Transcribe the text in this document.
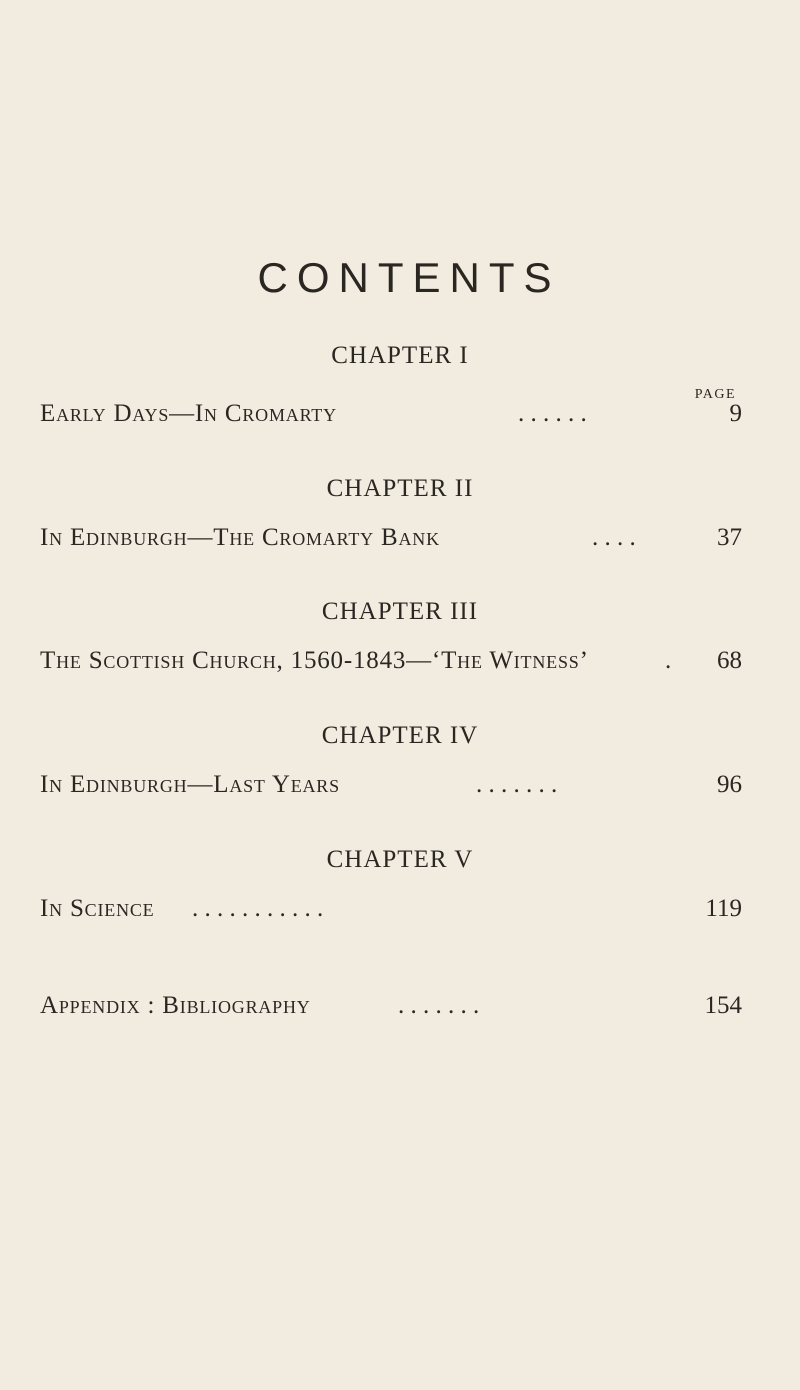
CONTENTS
CHAPTER I
PAGE
Early Days—In Cromarty	. . . . . .	9
CHAPTER II
In Edinburgh—The Cromarty Bank	. . . .	37
CHAPTER III
The Scottish Church, 1560-1843—‘The Witness’	. 68
CHAPTER IV
In Edinburgh—Last Years	. . . . . . .	96
CHAPTER V
In Science . . . . . . . . . . .	119
Appendix : Bibliography	. . . . . . .	154
